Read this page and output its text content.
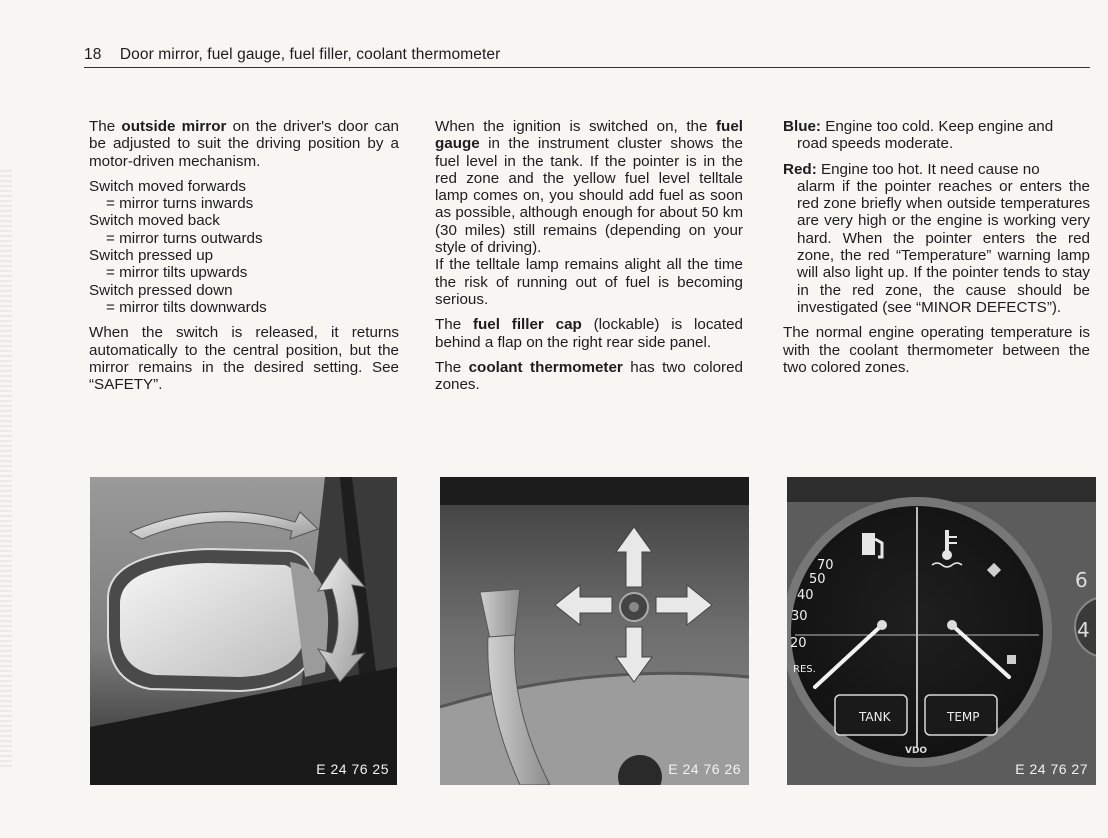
18 Door mirror, fuel gauge, fuel filler, coolant thermometer

The outside mirror on the driver's door can be adjusted to suit the driving position by a motor-driven mechanism.

Switch moved forwards
= mirror turns inwards
Switch moved back
= mirror turns outwards
Switch pressed up
= mirror tilts upwards
Switch pressed down
= mirror tilts downwards

When the switch is released, it returns automatically to the central position, but the mirror remains in the desired setting. See “SAFETY”.

When the ignition is switched on, the fuel gauge in the instrument cluster shows the fuel level in the tank. If the pointer is in the red zone and the yellow fuel level telltale lamp comes on, you should add fuel as soon as possible, although enough for about 50 km (30 miles) still remains (depending on your style of driving).
If the telltale lamp remains alight all the time the risk of running out of fuel is becoming serious.

The fuel filler cap (lockable) is located behind a flap on the right rear side panel.

The coolant thermometer has two colored zones.

Blue: Engine too cold. Keep engine and
road speeds moderate.
Red: Engine too hot. It need cause no
alarm if the pointer reaches or enters the red zone briefly when outside temperatures are very high or the engine is working very hard. When the pointer enters the red zone, the red “Temperature” warning lamp will also light up. If the pointer tends to stay in the red zone, the cause should be investigated (see “MINOR DEFECTS”).

The normal engine operating temperature is with the coolant thermometer between the two colored zones.

E 24 76 25	E 24 76 26
70
50
40
30
20
RES.
TANK	TEMP
VDO
6
4
E 24 76 27
